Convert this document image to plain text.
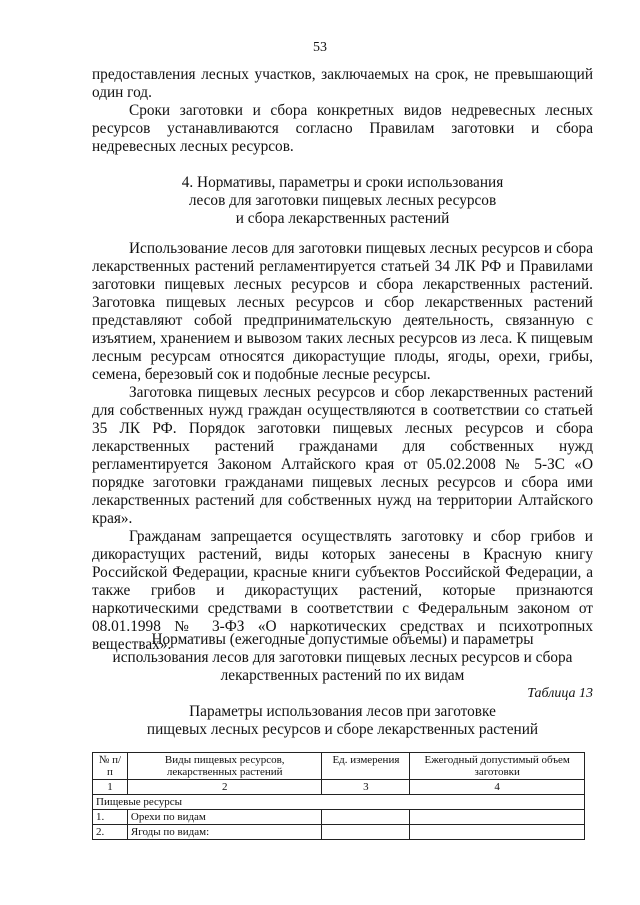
53

предоставления лесных участков, заключаемых на срок, не превышающий один год.

Сроки заготовки и сбора конкретных видов недревесных лесных ресурсов устанавливаются согласно Правилам заготовки и сбора недревесных лесных ресурсов.

4. Нормативы, параметры и сроки использования

лесов для заготовки пищевых лесных ресурсов

и сбора лекарственных растений

Использование лесов для заготовки пищевых лесных ресурсов и сбора лекарственных растений регламентируется статьей 34 ЛК РФ и Правилами заготовки пищевых лесных ресурсов и сбора лекарственных растений. Заготовка пищевых лесных ресурсов и сбор лекарственных растений представляют собой предпринимательскую деятельность, связанную с изъятием, хранением и вывозом таких лесных ресурсов из леса. К пищевым лесным ресурсам относятся дикорастущие плоды, ягоды, орехи, грибы, семена, березовый сок и подобные лесные ресурсы.

Заготовка пищевых лесных ресурсов и сбор лекарственных растений для собственных нужд граждан осуществляются в соответствии со статьей 35 ЛК РФ. Порядок заготовки пищевых лесных ресурсов и сбора лекарственных растений гражданами для собственных нужд регламентируется Законом Алтайского края от 05.02.2008 № 5-ЗС «О порядке заготовки гражданами пищевых лесных ресурсов и сбора ими лекарственных растений для собственных нужд на территории Алтайского края».

Гражданам запрещается осуществлять заготовку и сбор грибов и дикорастущих растений, виды которых занесены в Красную книгу Российской Федерации, красные книги субъектов Российской Федерации, а также грибов и дикорастущих растений, которые признаются наркотическими средствами в соответствии с Федеральным законом от 08.01.1998 № 3-ФЗ «О наркотических средствах и психотропных веществах».

Нормативы (ежегодные допустимые объемы) и параметры

использования лесов для заготовки пищевых лесных ресурсов и сбора

лекарственных растений по их видам

Таблица 13

Параметры использования лесов при заготовке

пищевых лесных ресурсов и сборе лекарственных растений

№ п/п	Виды пищевых ресурсов, лекарственных растений	Ед. измерения	Ежегодный допустимый объем заготовки
1	2	3	4
Пищевые ресурсы			
1.	Орехи по видам		
2.	Ягоды по видам:		
